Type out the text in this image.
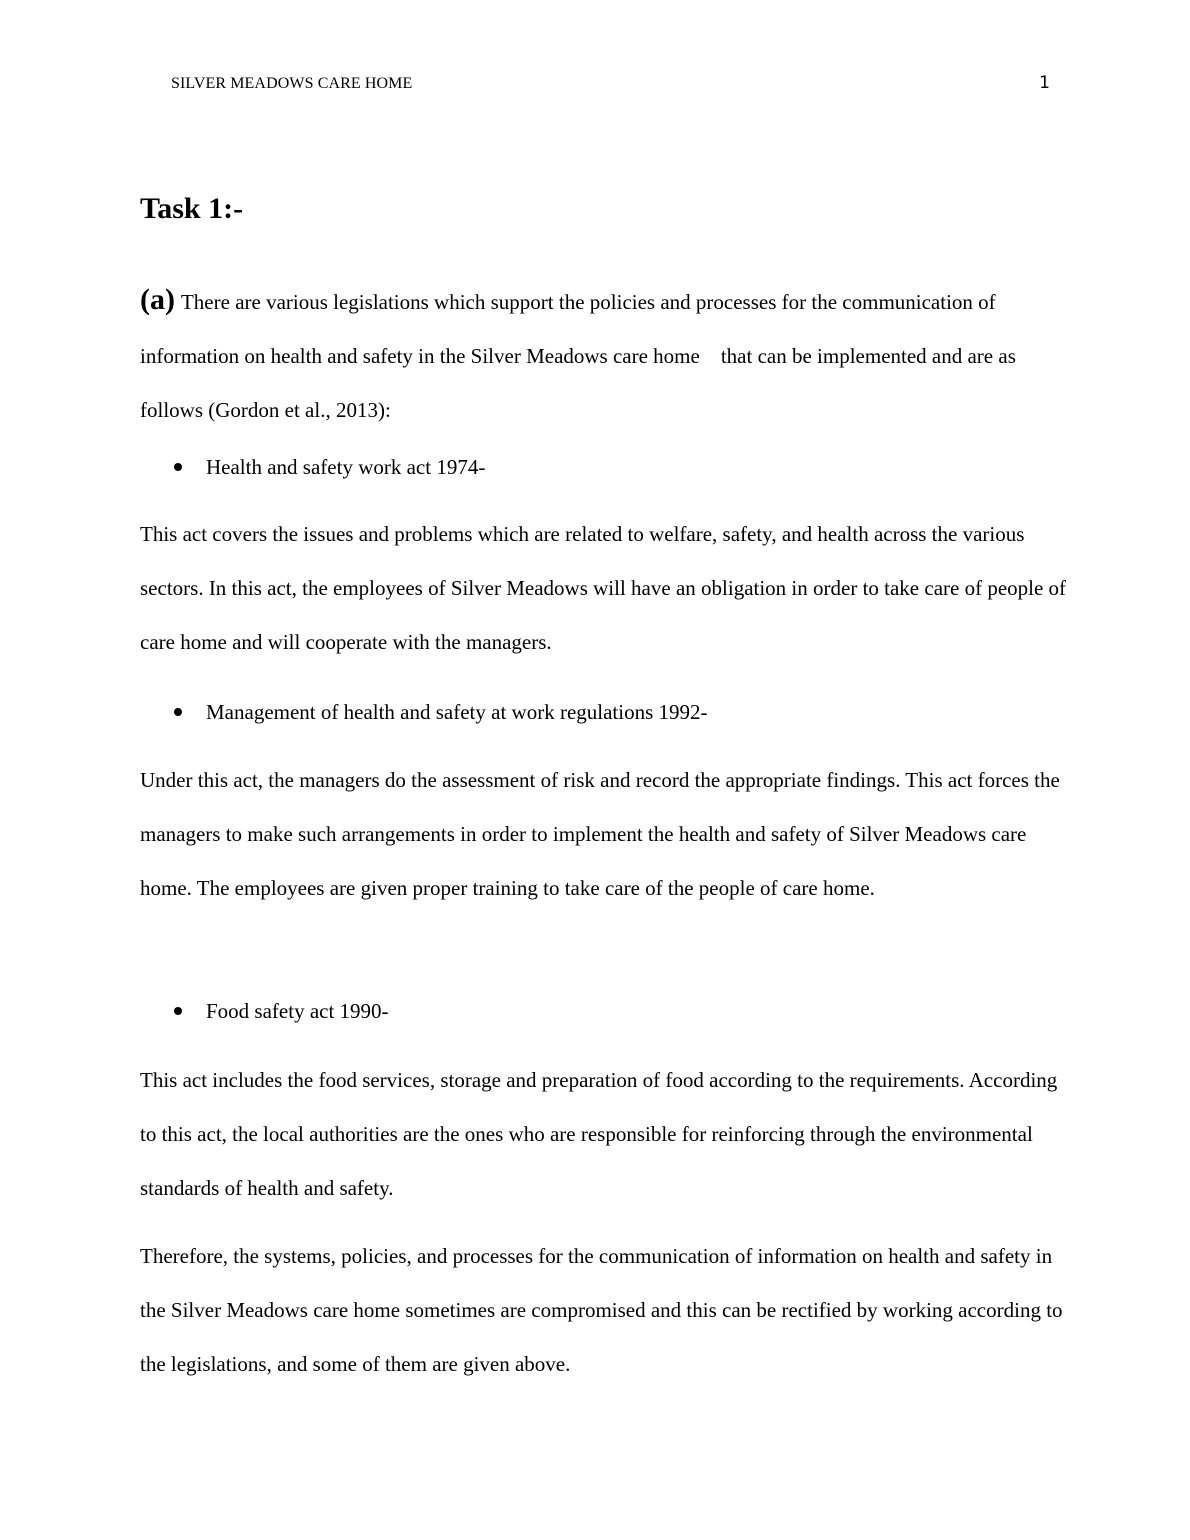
SILVER MEADOWS CARE HOME	1
Task 1:-
(a) There are various legislations which support the policies and processes for the communication of information on health and safety in the Silver Meadows care home    that can be implemented and are as follows (Gordon et al., 2013):
Health and safety work act 1974-
This act covers the issues and problems which are related to welfare, safety, and health across the various sectors. In this act, the employees of Silver Meadows will have an obligation in order to take care of people of care home and will cooperate with the managers.
Management of health and safety at work regulations 1992-
Under this act, the managers do the assessment of risk and record the appropriate findings. This act forces the managers to make such arrangements in order to implement the health and safety of Silver Meadows care home. The employees are given proper training to take care of the people of care home.
Food safety act 1990-
This act includes the food services, storage and preparation of food according to the requirements. According to this act, the local authorities are the ones who are responsible for reinforcing through the environmental standards of health and safety.
Therefore, the systems, policies, and processes for the communication of information on health and safety in the Silver Meadows care home sometimes are compromised and this can be rectified by working according to the legislations, and some of them are given above.
